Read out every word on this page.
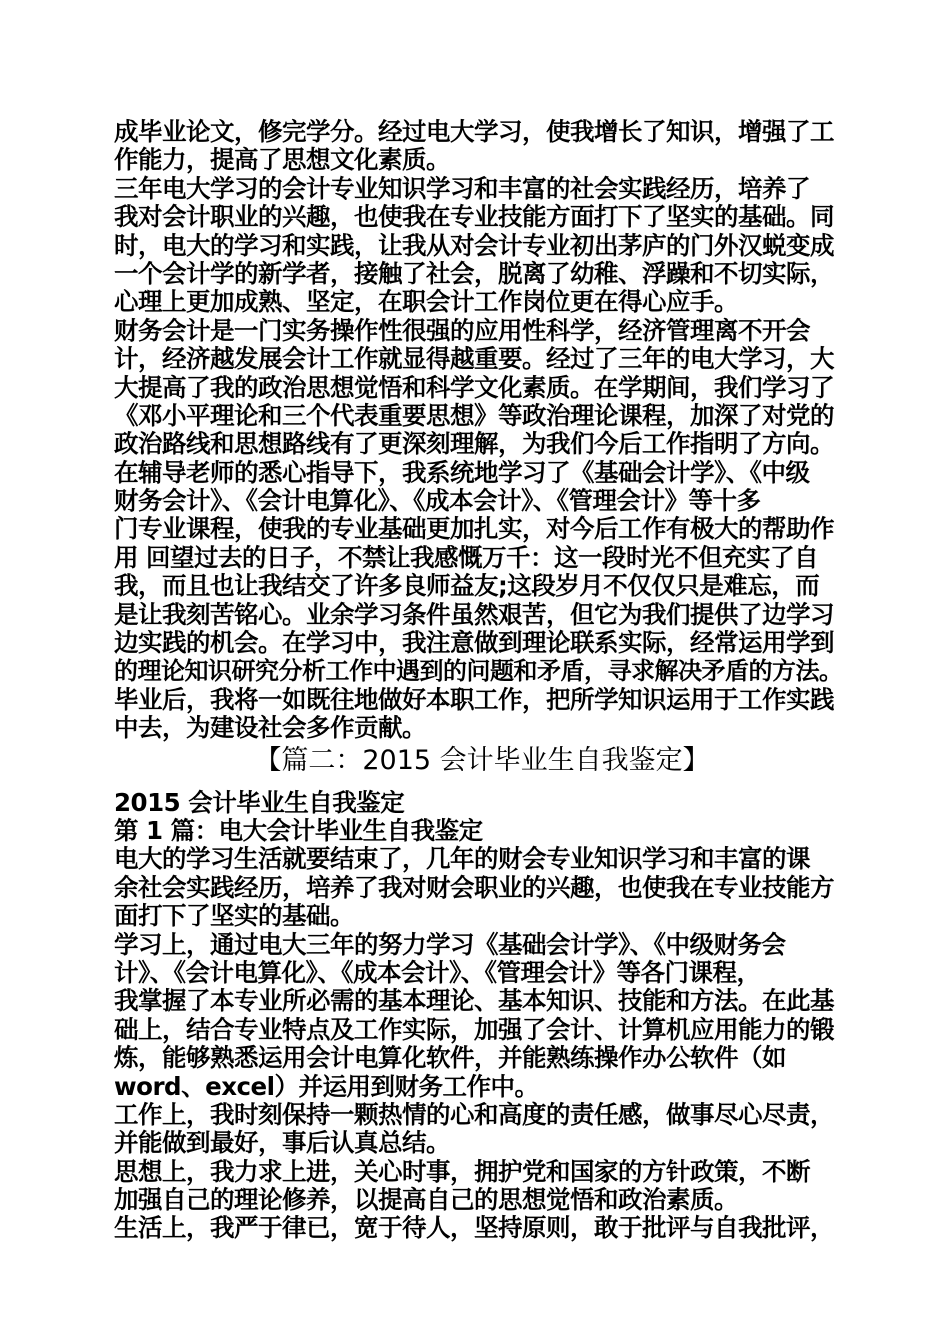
成毕业论文，修完学分。经过电大学习，使我增长了知识，增强了工
作能力，提高了思想文化素质。
三年电大学习的会计专业知识学习和丰富的社会实践经历，培养了
我对会计职业的兴趣，也使我在专业技能方面打下了坚实的基础。同
时，电大的学习和实践，让我从对会计专业初出茅庐的门外汉蜕变成
一个会计学的新学者，接触了社会，脱离了幼稚、浮躁和不切实际，
心理上更加成熟、坚定，在职会计工作岗位更在得心应手。
财务会计是一门实务操作性很强的应用性科学，经济管理离不开会
计，经济越发展会计工作就显得越重要。经过了三年的电大学习，大
大提高了我的政治思想觉悟和科学文化素质。在学期间，我们学习了
《邓小平理论和三个代表重要思想》等政治理论课程，加深了对党的
政治路线和思想路线有了更深刻理解，为我们今后工作指明了方向。
在辅导老师的悉心指导下，我系统地学习了《基础会计学》、《中级
财务会计》、《会计电算化》、《成本会计》、《管理会计》等十多
门专业课程，使我的专业基础更加扎实，对今后工作有极大的帮助作
用 回望过去的日子，不禁让我感慨万千：这一段时光不但充实了自
我，而且也让我结交了许多良师益友;这段岁月不仅仅只是难忘，而
是让我刻苦铭心。业余学习条件虽然艰苦，但它为我们提供了边学习
边实践的机会。在学习中，我注意做到理论联系实际，经常运用学到
的理论知识研究分析工作中遇到的问题和矛盾，寻求解决矛盾的方法。
毕业后，我将一如既往地做好本职工作，把所学知识运用于工作实践
中去，为建设社会多作贡献。
【篇二：2015 会计毕业生自我鉴定】
2015 会计毕业生自我鉴定
第 1 篇：电大会计毕业生自我鉴定
电大的学习生活就要结束了，几年的财会专业知识学习和丰富的课
余社会实践经历，培养了我对财会职业的兴趣，也使我在专业技能方
面打下了坚实的基础。
学习上，通过电大三年的努力学习《基础会计学》、《中级财务会
计》、《会计电算化》、《成本会计》、《管理会计》等各门课程，
我掌握了本专业所必需的基本理论、基本知识、技能和方法。在此基
础上，结合专业特点及工作实际，加强了会计、计算机应用能力的锻
炼，能够熟悉运用会计电算化软件，并能熟练操作办公软件（如
word、excel）并运用到财务工作中。
工作上，我时刻保持一颗热情的心和高度的责任感，做事尽心尽责，
并能做到最好，事后认真总结。
思想上，我力求上进，关心时事，拥护党和国家的方针政策，不断
加强自己的理论修养，以提高自己的思想觉悟和政治素质。
生活上，我严于律已，宽于待人，坚持原则，敢于批评与自我批评，
